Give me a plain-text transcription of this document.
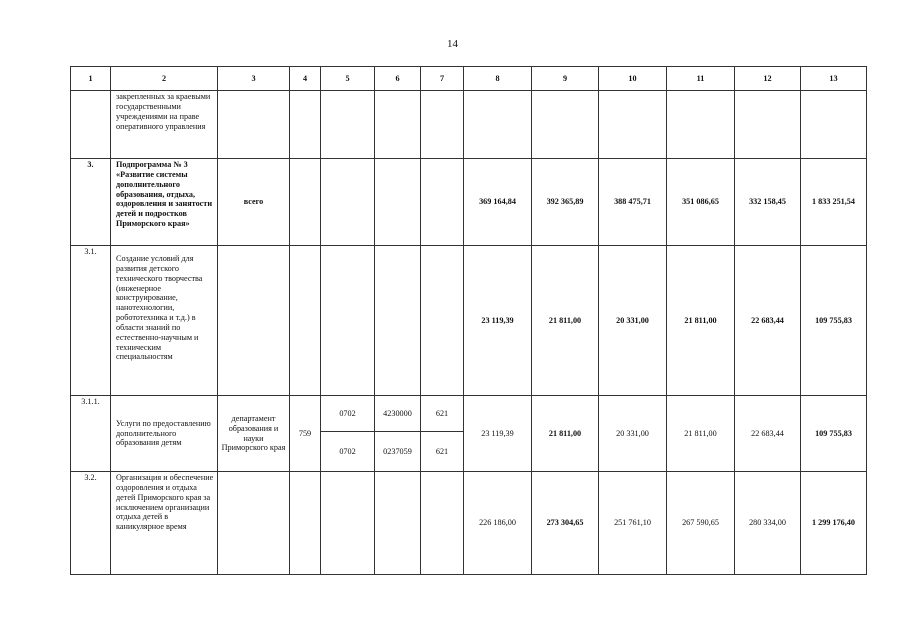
14
1	2	3	4	5	6	7	8	9	10	11	12	13
	закрепленных за краевыми государственными учреждениями на праве оперативного управления											
3.	Подпрограмма № 3 «Развитие системы дополнительного образования, отдыха, оздоровления и занятости детей и подростков Приморского края»	всего					369 164,84	392 365,89	388 475,71	351 086,65	332 158,45	1 833 251,54
3.1.	Создание условий для развития детского технического творчества (инженерное конструирование, нанотехнологии, робототехника и т.д.) в области знаний по естественно-научным и техническим специальностям						23 119,39	21 811,00	20 331,00	21 811,00	22 683,44	109 755,83
3.1.1.	Услуги по предоставлению дополнительного образования детям	департамент образования и науки Приморского края	759	0702	4230000	621	23 119,39	21 811,00	20 331,00	21 811,00	22 683,44	109 755,83
				0702	0237059	621						
3.2.	Организация и обеспечение оздоровления и отдыха детей Приморского края за исключением организации отдыха детей в каникулярное время						226 186,00	273 304,65	251 761,10	267 590,65	280 334,00	1 299 176,40
